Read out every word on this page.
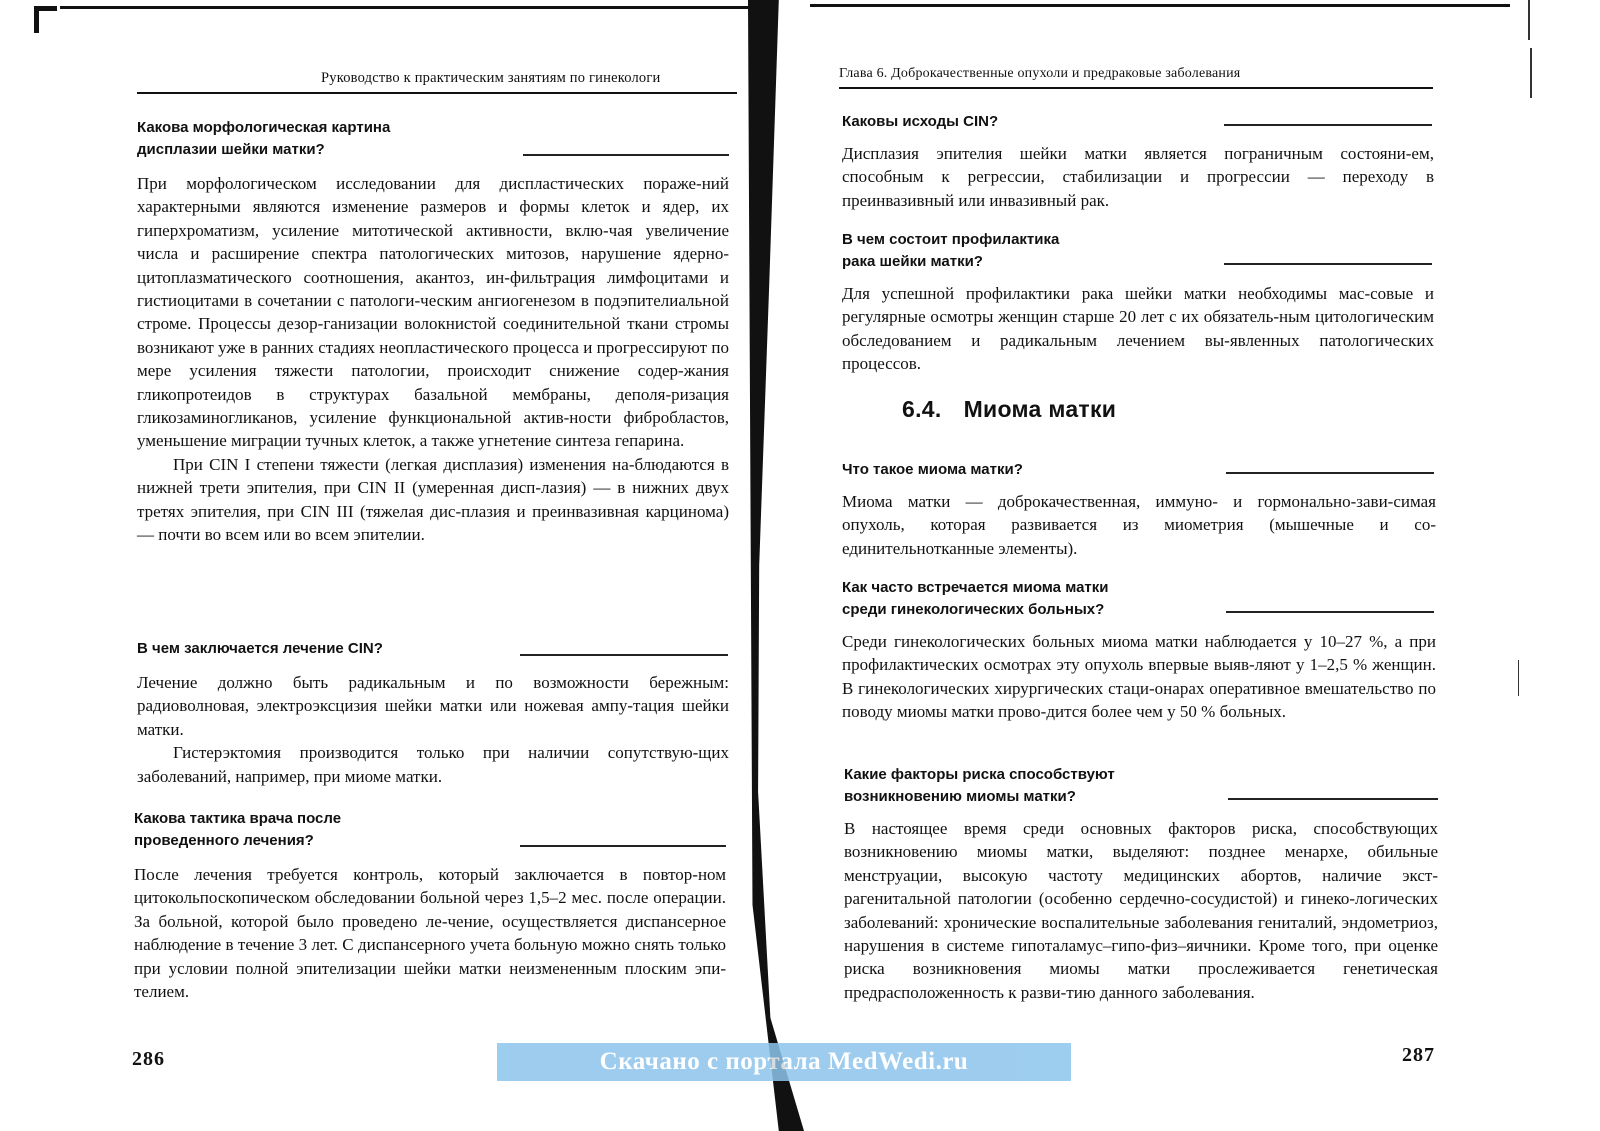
Руководство к практическим занятиям по гинекологи

Какова морфологическая картина

дисплазии шейки матки?

При морфологическом исследовании для диспластических пораже-ний характерными являются изменение размеров и формы клеток и ядер, их гиперхроматизм, усиление митотической активности, вклю-чая увеличение числа и расширение спектра патологических митозов, нарушение ядерно-цитоплазматического соотношения, акантоз, ин-фильтрация лимфоцитами и гистиоцитами в сочетании с патологи-ческим ангиогенезом в подэпителиальной строме. Процессы дезор-ганизации волокнистой соединительной ткани стромы возникают уже в ранних стадиях неопластического процесса и прогрессируют по мере усиления тяжести патологии, происходит снижение содер-жания гликопротеидов в структурах базальной мембраны, деполя-ризация гликозаминогликанов, усиление функциональной актив-ности фибробластов, уменьшение миграции тучных клеток, а также угнетение синтеза гепарина.

При CIN I степени тяжести (легкая дисплазия) изменения на-блюдаются в нижней трети эпителия, при CIN II (умеренная дисп-лазия) — в нижних двух третях эпителия, при CIN III (тяжелая дис-плазия и преинвазивная карцинома) — почти во всем или во всем эпителии.

В чем заключается лечение CIN?

Лечение должно быть радикальным и по возможности бережным: радиоволновая, электроэксцизия шейки матки или ножевая ампу-тация шейки матки.

Гистерэктомия производится только при наличии сопутствую-щих заболеваний, например, при миоме матки.

Какова тактика врача после

проведенного лечения?

После лечения требуется контроль, который заключается в повтор-ном цитокольпоскопическом обследовании больной через 1,5–2 мес. после операции. За больной, которой было проведено ле-чение, осуществляется диспансерное наблюдение в течение 3 лет. С диспансерного учета больную можно снять только при условии полной эпителизации шейки матки неизмененным плоским эпи-телием.

286
Глава 6. Доброкачественные опухоли и предраковые заболевания

Каковы исходы CIN?

Дисплазия эпителия шейки матки является пограничным состояни-ем, способным к регрессии, стабилизации и прогрессии — переходу в преинвазивный или инвазивный рак.

В чем состоит профилактика

рака шейки матки?

Для успешной профилактики рака шейки матки необходимы мас-совые и регулярные осмотры женщин старше 20 лет с их обязатель-ным цитологическим обследованием и радикальным лечением вы-явленных патологических процессов.

6.4. Миома матки

Что такое миома матки?

Миома матки — доброкачественная, иммуно- и гормонально-зави-симая опухоль, которая развивается из миометрия (мышечные и со-единительнотканные элементы).

Как часто встречается миома матки

среди гинекологических больных?

Среди гинекологических больных миома матки наблюдается у 10–27 %, а при профилактических осмотрах эту опухоль впервые выяв-ляют у 1–2,5 % женщин. В гинекологических хирургических стаци-онарах оперативное вмешательство по поводу миомы матки прово-дится более чем у 50 % больных.

Какие факторы риска способствуют

возникновению миомы матки?

В настоящее время среди основных факторов риска, способствующих возникновению миомы матки, выделяют: позднее менархе, обильные менструации, высокую частоту медицинских абортов, наличие экст-рагенитальной патологии (особенно сердечно-сосудистой) и гинеко-логических заболеваний: хронические воспалительные заболевания гениталий, эндометриоз, нарушения в системе гипоталамус–гипо-физ–яичники. Кроме того, при оценке риска возникновения миомы матки прослеживается генетическая предрасположенность к разви-тию данного заболевания.

287
Скачано с портала MedWedi.ru
